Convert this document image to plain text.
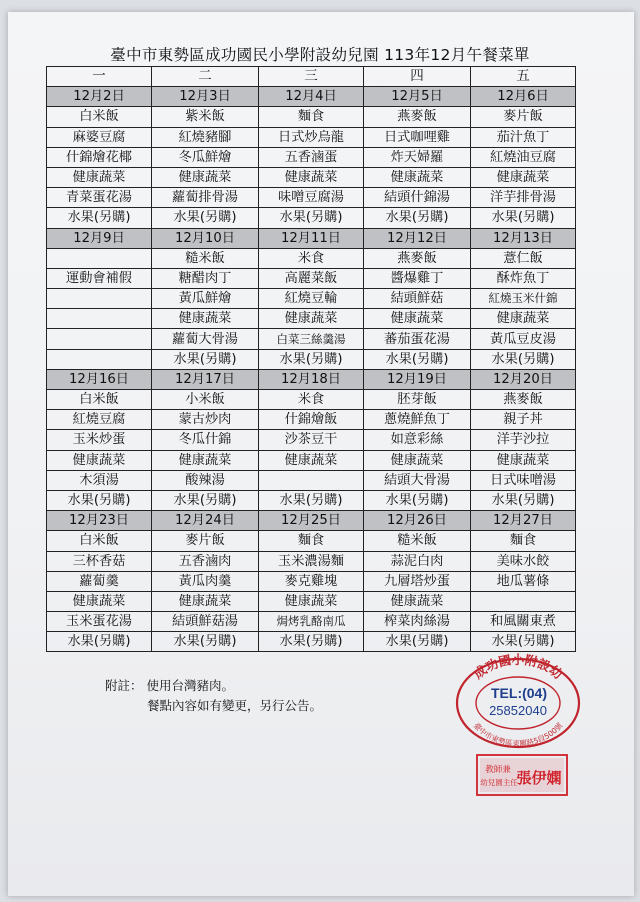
臺中市東勢區成功國民小學附設幼兒園 113年12月午餐菜單
一	二	三	四	五
12月2日	12月3日	12月4日	12月5日	12月6日
白米飯	紫米飯	麵食	燕麥飯	麥片飯
麻婆豆腐	紅燒豬腳	日式炒烏龍	日式咖哩雞	茄汁魚丁
什錦燴花椰	冬瓜鮮燴	五香滷蛋	炸天婦羅	紅燒油豆腐
健康蔬菜	健康蔬菜	健康蔬菜	健康蔬菜	健康蔬菜
青菜蛋花湯	蘿蔔排骨湯	味噌豆腐湯	結頭什錦湯	洋芋排骨湯
水果(另購)	水果(另購)	水果(另購)	水果(另購)	水果(另購)
12月9日	12月10日	12月11日	12月12日	12月13日
	糙米飯	米食	燕麥飯	薏仁飯
運動會補假	糖醋肉丁	高麗菜飯	醬爆雞丁	酥炸魚丁
	黃瓜鮮燴	紅燒豆輪	結頭鮮菇	紅燒玉米什錦
	健康蔬菜	健康蔬菜	健康蔬菜	健康蔬菜
	蘿蔔大骨湯	白菜三絲羹湯	蕃茄蛋花湯	黃瓜豆皮湯
	水果(另購)	水果(另購)	水果(另購)	水果(另購)
12月16日	12月17日	12月18日	12月19日	12月20日
白米飯	小米飯	米食	胚芽飯	燕麥飯
紅燒豆腐	蒙古炒肉	什錦燴飯	蔥燒鮮魚丁	親子丼
玉米炒蛋	冬瓜什錦	沙茶豆干	如意彩絲	洋芋沙拉
健康蔬菜	健康蔬菜	健康蔬菜	健康蔬菜	健康蔬菜
木須湯	酸辣湯		結頭大骨湯	日式味噌湯
水果(另購)	水果(另購)	水果(另購)	水果(另購)	水果(另購)
12月23日	12月24日	12月25日	12月26日	12月27日
白米飯	麥片飯	麵食	糙米飯	麵食
三杯香菇	五香滷肉	玉米濃湯麵	蒜泥白肉	美味水餃
蘿蔔羹	黃瓜肉羹	麥克雞塊	九層塔炒蛋	地瓜薯條
健康蔬菜	健康蔬菜	健康蔬菜	健康蔬菜	
玉米蛋花湯	結頭鮮菇湯	焗烤乳酪南瓜	榨菜肉絲湯	和風關東煮
水果(另購)	水果(另購)	水果(另購)	水果(另購)	水果(另購)
附註： 使用台灣豬肉。
餐點內容如有變更，另行公告。
成功國小附設幼
TEL:(04)
25852040
臺中市東勢區東關路5段500號
教師兼
幼兒園主任
張伊嫻
